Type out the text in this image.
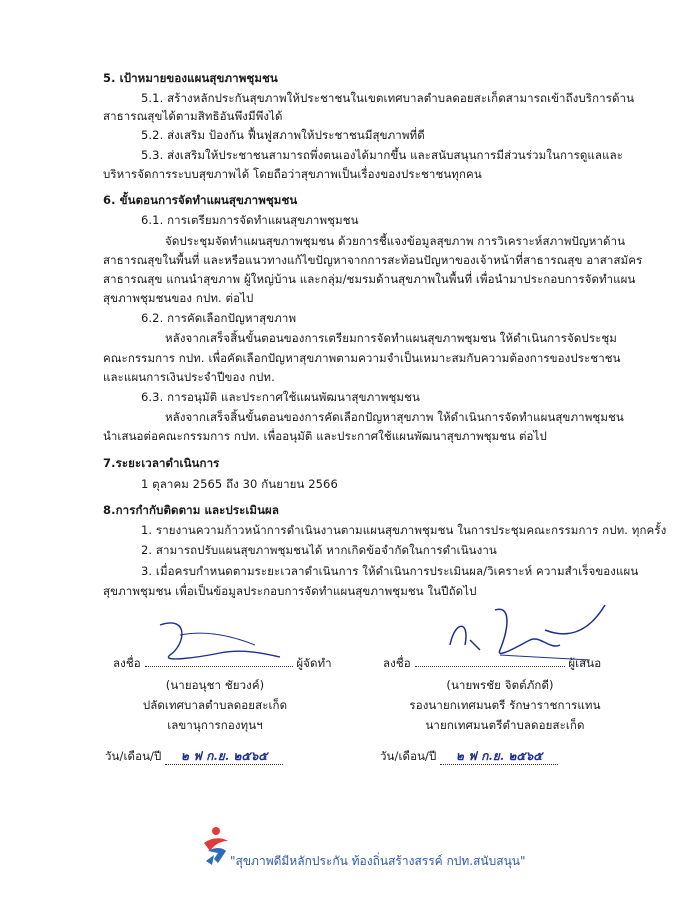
5. เป้าหมายของแผนสุขภาพชุมชน
5.1. สร้างหลักประกันสุขภาพให้ประชาชนในเขตเทศบาลตำบลดอยสะเก็ดสามารถเข้าถึงบริการด้าน
สาธารณสุขได้ตามสิทธิอันพึงมีพึงได้
5.2. ส่งเสริม ป้องกัน ฟื้นฟูสภาพให้ประชาชนมีสุขภาพที่ดี
5.3. ส่งเสริมให้ประชาชนสามารถพึ่งตนเองได้มากขึ้น และสนับสนุนการมีส่วนร่วมในการดูแลและ
บริหารจัดการระบบสุขภาพได้ โดยถือว่าสุขภาพเป็นเรื่องของประชาชนทุกคน
6. ขั้นตอนการจัดทำแผนสุขภาพชุมชน
6.1. การเตรียมการจัดทำแผนสุขภาพชุมชน
จัดประชุมจัดทำแผนสุขภาพชุมชน ด้วยการชี้แจงข้อมูลสุขภาพ การวิเคราะห์สภาพปัญหาด้าน
สาธารณสุขในพื้นที่ และหรือแนวทางแก้ไขปัญหาจากการสะท้อนปัญหาของเจ้าหน้าที่สาธารณสุข อาสาสมัคร
สาธารณสุข แกนนำสุขภาพ ผู้ใหญ่บ้าน และกลุ่ม/ชมรมด้านสุขภาพในพื้นที่ เพื่อนำมาประกอบการจัดทำแผน
สุขภาพชุมชนของ กปท. ต่อไป
6.2. การคัดเลือกปัญหาสุขภาพ
หลังจากเสร็จสิ้นขั้นตอนของการเตรียมการจัดทำแผนสุขภาพชุมชน ให้ดำเนินการจัดประชุม
คณะกรรมการ กปท. เพื่อคัดเลือกปัญหาสุขภาพตามความจำเป็นเหมาะสมกับความต้องการของประชาชน
และแผนการเงินประจำปีของ กปท.
6.3. การอนุมัติ และประกาศใช้แผนพัฒนาสุขภาพชุมชน
หลังจากเสร็จสิ้นขั้นตอนของการคัดเลือกปัญหาสุขภาพ ให้ดำเนินการจัดทำแผนสุขภาพชุมชน
นำเสนอต่อคณะกรรมการ กปท. เพื่ออนุมัติ และประกาศใช้แผนพัฒนาสุขภาพชุมชน ต่อไป
7.ระยะเวลาดำเนินการ
1 ตุลาคม 2565 ถึง 30 กันยายน 2566
8.การกำกับติดตาม และประเมินผล
1. รายงานความก้าวหน้าการดำเนินงานตามแผนสุขภาพชุมชน ในการประชุมคณะกรรมการ กปท. ทุกครั้ง
2. สามารถปรับแผนสุขภาพชุมชนได้ หากเกิดข้อจำกัดในการดำเนินงาน
3. เมื่อครบกำหนดตามระยะเวลาดำเนินการ ให้ดำเนินการประเมินผล/วิเคราะห์ ความสำเร็จของแผน
สุขภาพชุมชน เพื่อเป็นข้อมูลประกอบการจัดทำแผนสุขภาพชุมชน ในปีถัดไป
ลงชื่อ	ผู้จัดทำ
(นายอนุชา ชัยวงค์)
ปลัดเทศบาลตำบลดอยสะเก็ด
เลขานุการกองทุนฯ
วัน/เดือน/ปี ๒ ฟ ก.ย. ๒๕๖๕
ลงชื่อ	ผู้เสนอ
(นายพรชัย จิตต์ภักดี)
รองนายกเทศมนตรี รักษาราชการแทน
นายกเทศมนตรีตำบลดอยสะเก็ด
วัน/เดือน/ปี ๒ ฟ ก.ย. ๒๕๖๕
"สุขภาพดีมีหลักประกัน ท้องถิ่นสร้างสรรค์ กปท.สนับสนุน"
